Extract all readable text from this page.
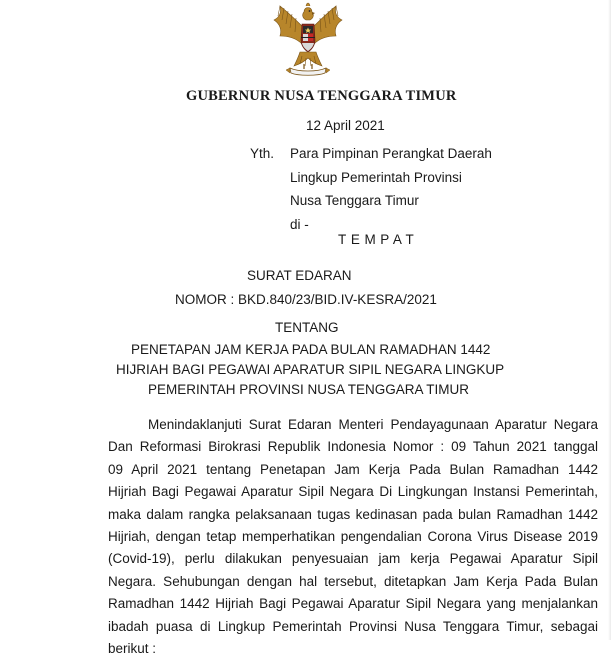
GUBERNUR NUSA TENGGARA TIMUR
12 April 2021
Yth. Para Pimpinan Perangkat Daerah
Lingkup Pemerintah Provinsi
Nusa Tenggara Timur
di -
TEMPAT
SURAT EDARAN
NOMOR : BKD.840/23/BID.IV-KESRA/2021
TENTANG
PENETAPAN JAM KERJA PADA BULAN RAMADHAN 1442
HIJRIAH BAGI PEGAWAI APARATUR SIPIL NEGARA LINGKUP
PEMERINTAH PROVINSI NUSA TENGGARA TIMUR
Menindaklanjuti Surat Edaran Menteri Pendayagunaan Aparatur Negara
Dan Reformasi Birokrasi Republik Indonesia Nomor : 09 Tahun 2021 tanggal
09 April 2021 tentang Penetapan Jam Kerja Pada Bulan Ramadhan 1442
Hijriah Bagi Pegawai Aparatur Sipil Negara Di Lingkungan Instansi Pemerintah,
maka dalam rangka pelaksanaan tugas kedinasan pada bulan Ramadhan 1442
Hijriah, dengan tetap memperhatikan pengendalian Corona Virus Disease 2019
(Covid-19), perlu dilakukan penyesuaian jam kerja Pegawai Aparatur Sipil
Negara. Sehubungan dengan hal tersebut, ditetapkan Jam Kerja Pada Bulan
Ramadhan 1442 Hijriah Bagi Pegawai Aparatur Sipil Negara yang menjalankan
ibadah puasa di Lingkup Pemerintah Provinsi Nusa Tenggara Timur, sebagai
berikut :
